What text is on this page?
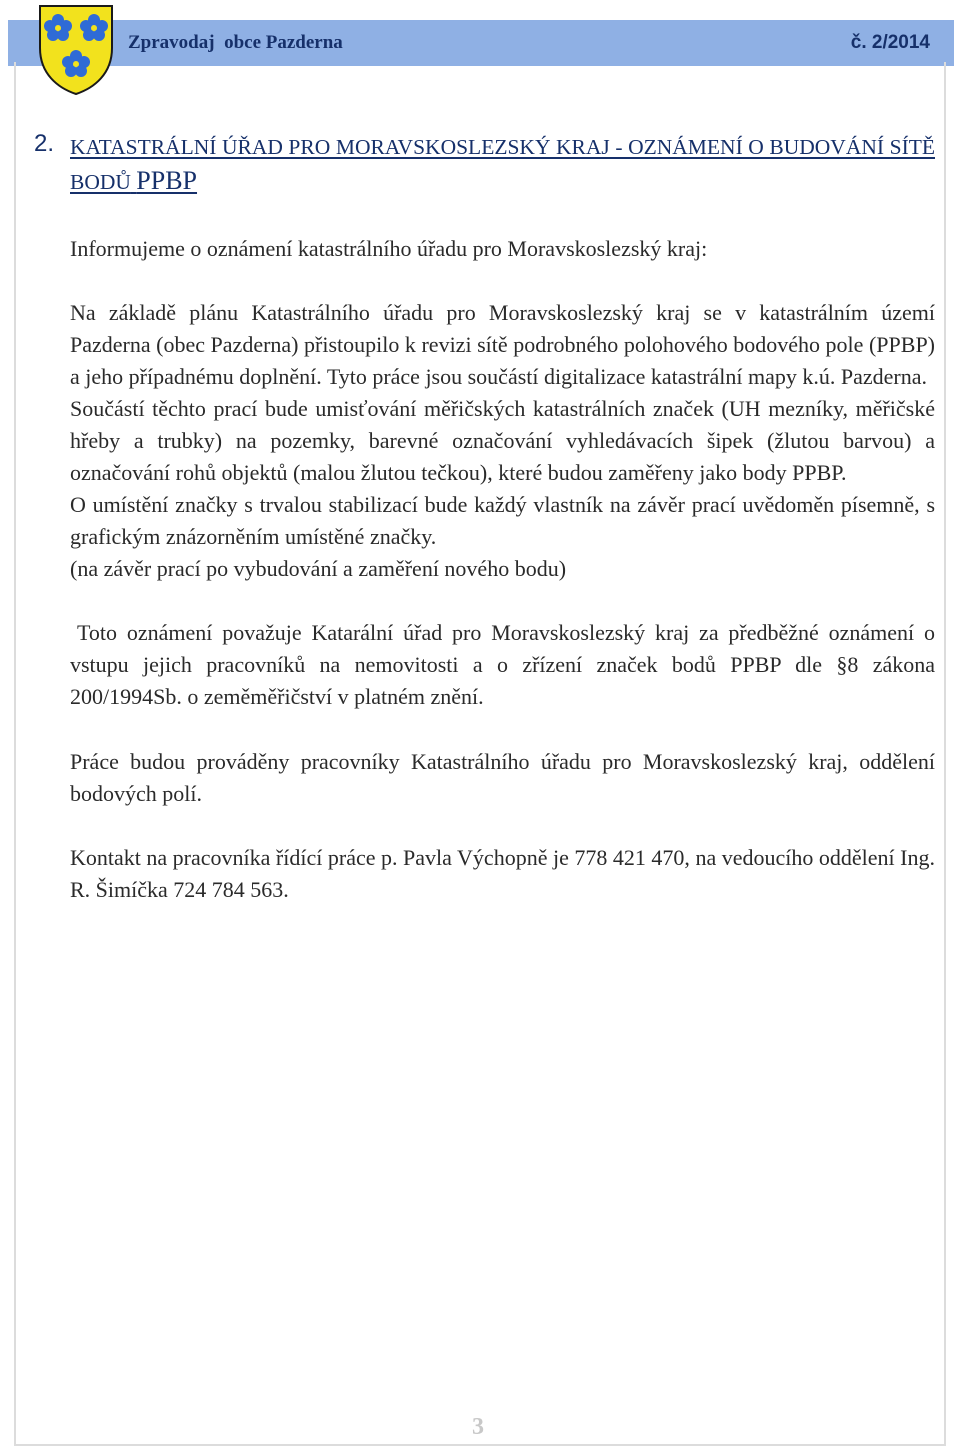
Zpravodaj  obce Pazderna	č. 2/2014
2. KATASTRÁLNÍ ÚŘAD PRO MORAVSKOSLEZSKÝ KRAJ - OZNÁMENÍ O BUDOVÁNÍ SÍTĚ BODŮ PPBP

Informujeme o oznámení katastrálního úřadu pro Moravskoslezský kraj:

Na základě plánu Katastrálního úřadu pro Moravskoslezský kraj se v katastrálním území Pazderna (obec Pazderna) přistoupilo k revizi sítě podrobného polohového bodového pole (PPBP) a jeho případnému doplnění. Tyto práce jsou součástí digitalizace katastrální mapy k.ú. Pazderna.

Součástí těchto prací bude umisťování měřičských katastrálních značek (UH mezníky, měřičské hřeby a trubky) na pozemky, barevné označování vyhledávacích šipek (žlutou barvou) a označování rohů objektů (malou žlutou tečkou), které budou zaměřeny jako body PPBP.

O umístění značky s trvalou stabilizací bude každý vlastník na závěr prací uvědoměn písemně, s grafickým znázorněním umístěné značky.

(na závěr prací po vybudování a zaměření nového bodu)

Toto oznámení považuje Katarální úřad pro Moravskoslezský kraj za předběžné oznámení o vstupu jejich pracovníků na nemovitosti a o zřízení značek bodů PPBP dle §8 zákona 200/1994Sb. o zeměměřičství v platném znění.

Práce budou prováděny pracovníky Katastrálního úřadu pro Moravskoslezský kraj, oddělení bodových polí.

Kontakt na pracovníka řídící práce p. Pavla Výchopně je 778 421 470, na vedoucího oddělení Ing. R. Šimíčka 724 784 563.

3
